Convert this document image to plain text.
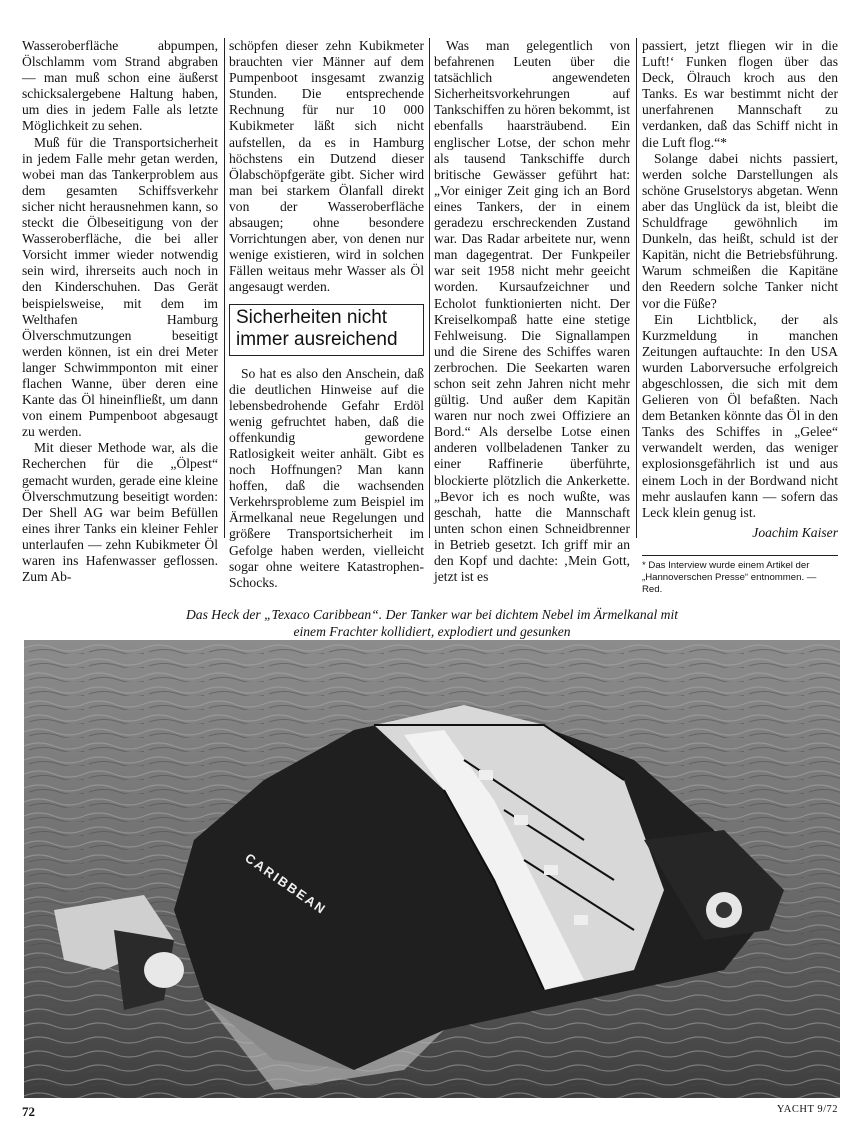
Wasseroberfläche abpumpen, Ölschlamm vom Strand abgraben — man muß schon eine äußerst schicksalergebene Haltung haben, um dies in jedem Falle als letzte Möglichkeit zu sehen.

Muß für die Transportsicherheit in jedem Falle mehr getan werden, wobei man das Tankerproblem aus dem gesamten Schiffsverkehr sicher nicht herausnehmen kann, so steckt die Ölbeseitigung von der Wasseroberfläche, die bei aller Vorsicht immer wieder notwendig sein wird, ihrerseits auch noch in den Kinderschuhen. Das Gerät beispielsweise, mit dem im Welthafen Hamburg Ölverschmutzungen beseitigt werden können, ist ein drei Meter langer Schwimmponton mit einer flachen Wanne, über deren eine Kante das Öl hineinfließt, um dann von einem Pumpenboot abgesaugt zu werden.

Mit dieser Methode war, als die Recherchen für die „Ölpest“ gemacht wurden, gerade eine kleine Ölverschmutzung beseitigt worden: Der Shell AG war beim Befüllen eines ihrer Tanks ein kleiner Fehler unterlaufen — zehn Kubikmeter Öl waren ins Hafenwasser geflossen. Zum Ab-

schöpfen dieser zehn Kubikmeter brauchten vier Männer auf dem Pumpenboot insgesamt zwanzig Stunden. Die entsprechende Rechnung für nur 10 000 Kubikmeter läßt sich nicht aufstellen, da es in Hamburg höchstens ein Dutzend dieser Ölabschöpfgeräte gibt. Sicher wird man bei starkem Ölanfall direkt von der Wasseroberfläche absaugen; ohne besondere Vorrichtungen aber, von denen nur wenige existieren, wird in solchen Fällen weitaus mehr Wasser als Öl angesaugt werden.

Sicherheiten nicht immer ausreichend

So hat es also den Anschein, daß die deutlichen Hinweise auf die lebensbedrohende Gefahr Erdöl wenig gefruchtet haben, daß die offenkundig gewordene Ratlosigkeit weiter anhält. Gibt es noch Hoffnungen? Man kann hoffen, daß die wachsenden Verkehrsprobleme zum Beispiel im Ärmelkanal neue Regelungen und größere Transportsicherheit im Gefolge haben werden, vielleicht sogar ohne weitere Katastrophen-Schocks.

Was man gelegentlich von befahrenen Leuten über die tatsächlich angewendeten Sicherheitsvorkehrungen auf Tankschiffen zu hören bekommt, ist ebenfalls haarsträubend. Ein englischer Lotse, der schon mehr als tausend Tankschiffe durch britische Gewässer geführt hat: „Vor einiger Zeit ging ich an Bord eines Tankers, der in einem geradezu erschreckenden Zustand war. Das Radar arbeitete nur, wenn man dagegentrat. Der Funkpeiler war seit 1958 nicht mehr geeicht worden. Kursaufzeichner und Echolot funktionierten nicht. Der Kreiselkompaß hatte eine stetige Fehlweisung. Die Signallampen und die Sirene des Schiffes waren zerbrochen. Die Seekarten waren schon seit zehn Jahren nicht mehr gültig. Und außer dem Kapitän waren nur noch zwei Offiziere an Bord.“ Als derselbe Lotse einen anderen vollbeladenen Tanker zu einer Raffinerie überführte, blockierte plötzlich die Ankerkette. „Bevor ich es noch wußte, was geschah, hatte die Mannschaft unten schon einen Schneidbrenner in Betrieb gesetzt. Ich griff mir an den Kopf und dachte: ‚Mein Gott, jetzt ist es

passiert, jetzt fliegen wir in die Luft!‘ Funken flogen über das Deck, Ölrauch kroch aus den Tanks. Es war bestimmt nicht der unerfahrenen Mannschaft zu verdanken, daß das Schiff nicht in die Luft flog.“*

Solange dabei nichts passiert, werden solche Darstellungen als schöne Gruselstorys abgetan. Wenn aber das Unglück da ist, bleibt die Schuldfrage gewöhnlich im Dunkeln, das heißt, schuld ist der Kapitän, nicht die Betriebsführung. Warum schmeißen die Kapitäne den Reedern solche Tanker nicht vor die Füße?

Ein Lichtblick, der als Kurzmeldung in manchen Zeitungen auftauchte: In den USA wurden Laborversuche erfolgreich abgeschlossen, die sich mit dem Gelieren von Öl befaßten. Nach dem Betanken könnte das Öl in den Tanks des Schiffes in „Gelee“ verwandelt werden, das weniger explosionsgefährlich ist und aus einem Loch in der Bordwand nicht mehr auslaufen kann — sofern das Leck klein genug ist.

Joachim Kaiser
* Das Interview wurde einem Artikel der „Hannoverschen Presse“ entnommen. — Red.
Das Heck der „Texaco Caribbean“. Der Tanker war bei dichtem Nebel im Ärmelkanal mit
einem Frachter kollidiert, explodiert und gesunken
CARIBBEAN
72	YACHT 9/72
